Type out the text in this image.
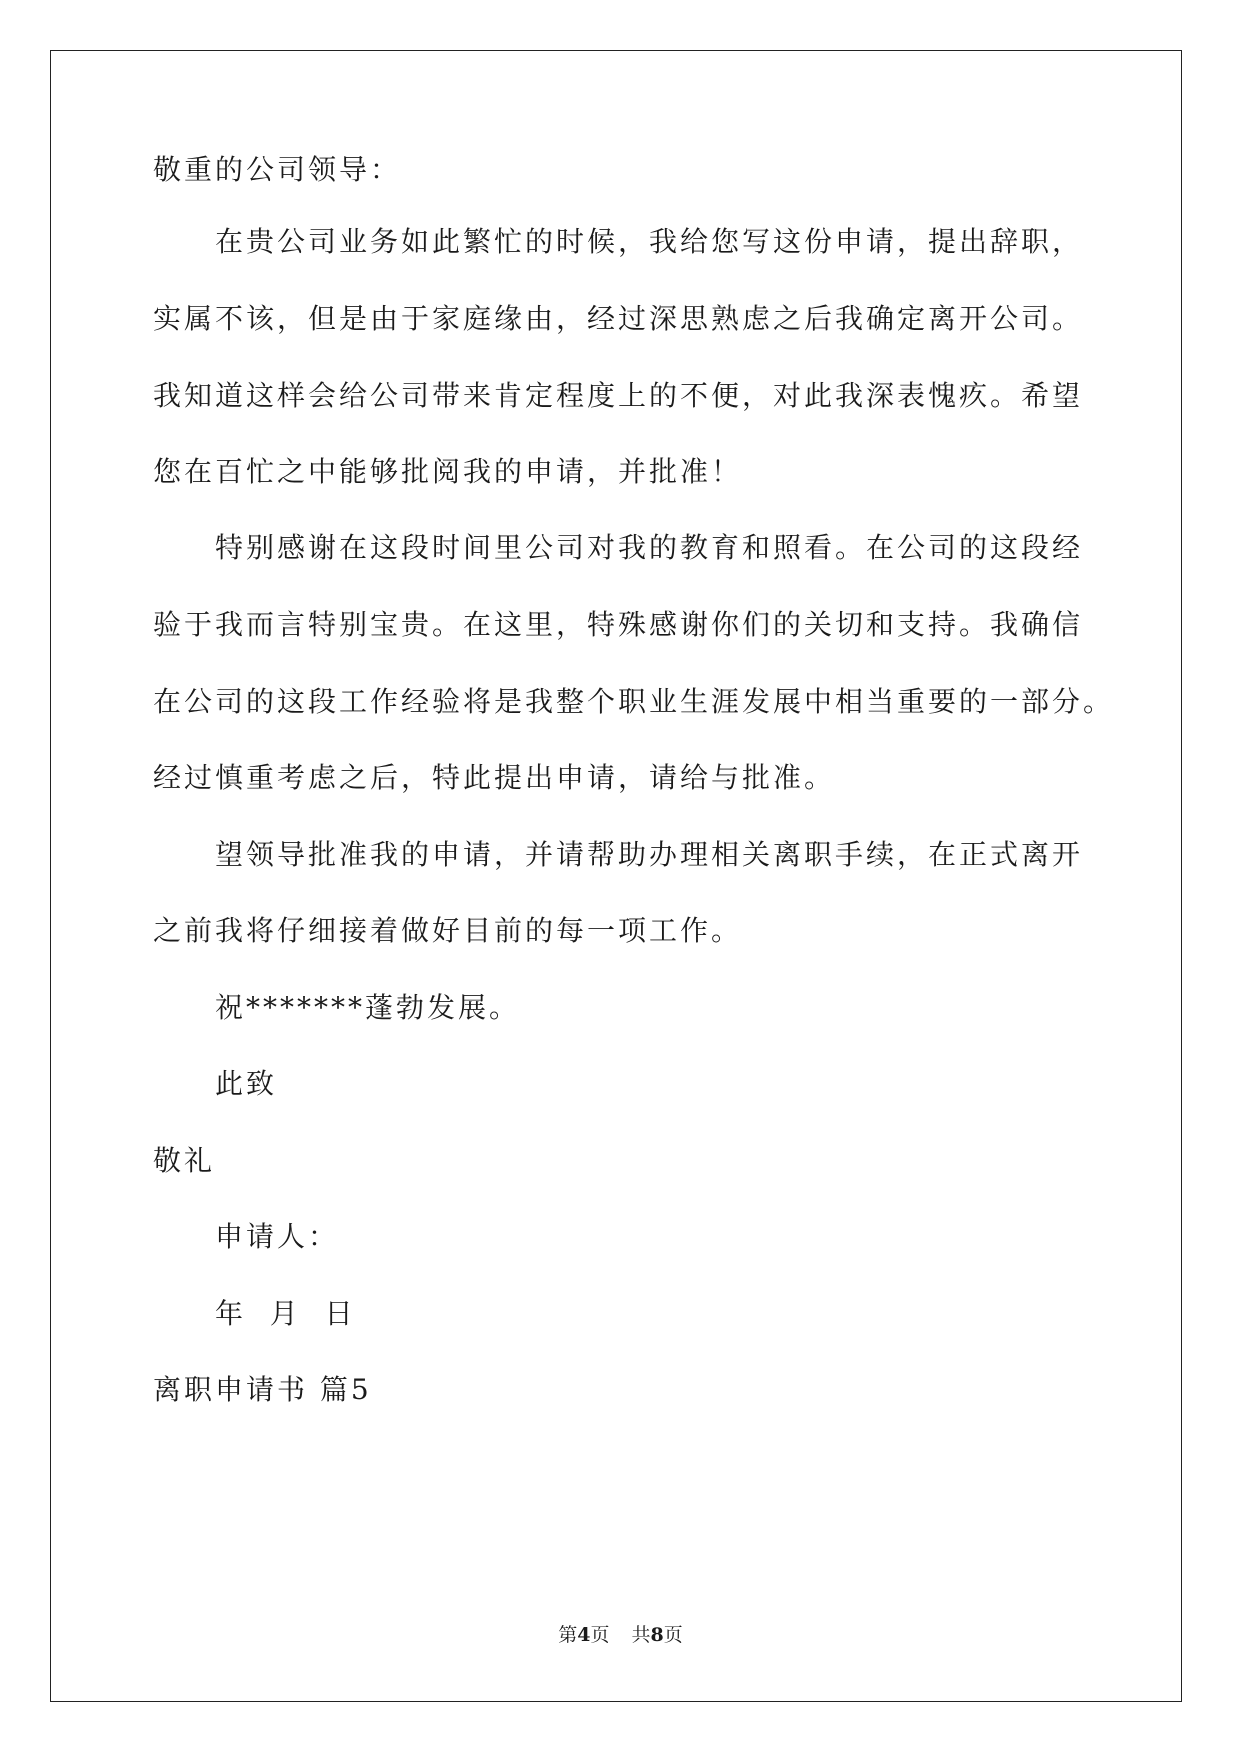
敬重的公司领导：
在贵公司业务如此繁忙的时候，我给您写这份申请，提出辞职，
实属不该，但是由于家庭缘由，经过深思熟虑之后我确定离开公司。
我知道这样会给公司带来肯定程度上的不便，对此我深表愧疚。希望
您在百忙之中能够批阅我的申请，并批准！
特别感谢在这段时间里公司对我的教育和照看。在公司的这段经
验于我而言特别宝贵。在这里，特殊感谢你们的关切和支持。我确信
在公司的这段工作经验将是我整个职业生涯发展中相当重要的一部分。
经过慎重考虑之后，特此提出申请，请给与批准。
望领导批准我的申请，并请帮助办理相关离职手续，在正式离开
之前我将仔细接着做好目前的每一项工作。
祝*******蓬勃发展。
此致
敬礼
申请人：
年  月  日
离职申请书 篇5
第4页 共8页
